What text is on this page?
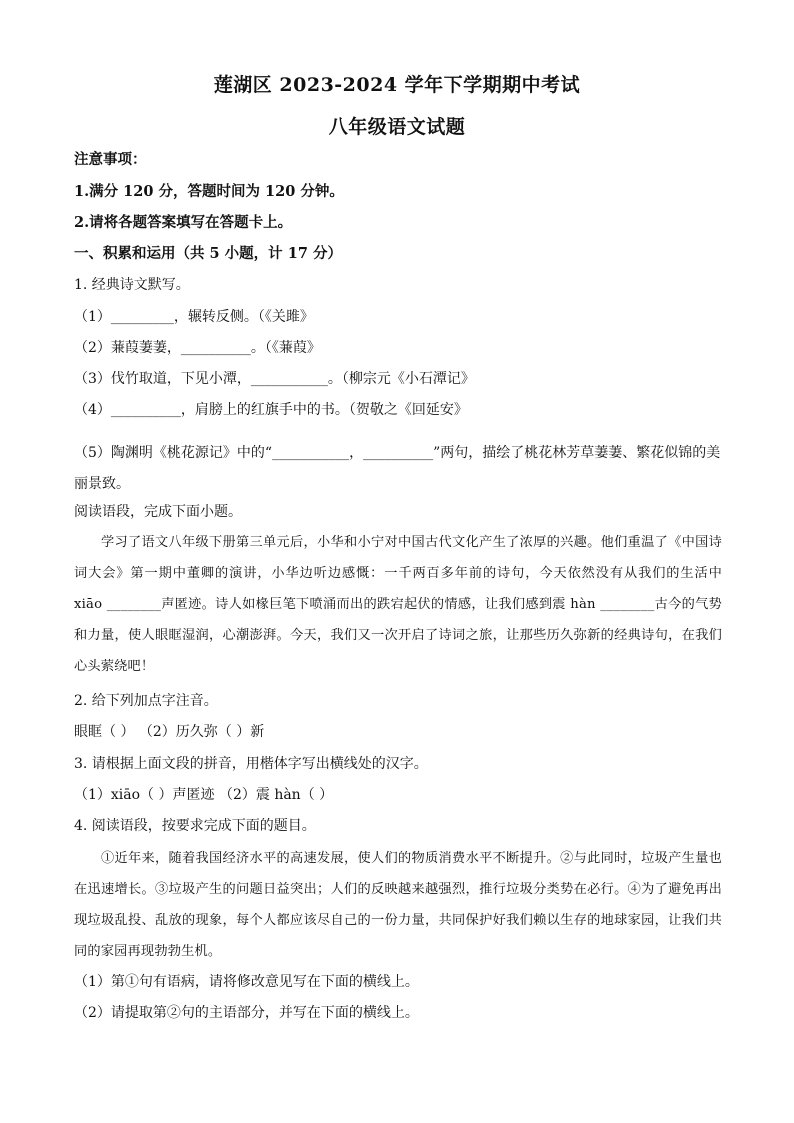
莲湖区 2023-2024 学年下学期期中考试
八年级语文试题
注意事项：
1.满分 120 分，答题时间为 120 分钟。
2.请将各题答案填写在答题卡上。
一、积累和运用（共 5 小题，计 17 分）
1. 经典诗文默写。
（1）_________，辗转反侧。（《关雎》
（2）蒹葭萋萋，__________。（《蒹葭》
（3）伐竹取道，下见小潭，___________。（柳宗元《小石潭记》
（4）__________，肩膀上的红旗手中的书。（贺敬之《回延安》
（5）陶渊明《桃花源记》中的“___________，__________”两句，描绘了桃花林芳草萋萋、繁花似锦的美丽景致。
阅读语段，完成下面小题。
学习了语文八年级下册第三单元后，小华和小宁对中国古代文化产生了浓厚的兴趣。他们重温了《中国诗词大会》第一期中董卿的演讲，小华边听边感慨：一千两百多年前的诗句，今天依然没有从我们的生活中 xiāo ________声匿迹。诗人如椽巨笔下喷涌而出的跌宕起伏的情感，让我们感到震 hàn ________古今的气势和力量，使人眼眶湿润，心潮澎湃。今天，我们又一次开启了诗词之旅，让那些历久弥新的经典诗句，在我们心头萦绕吧！
2. 给下列加点字注音。
眼眶（ ） （2）历久弥（ ）新
3. 请根据上面文段的拼音，用楷体字写出横线处的汉字。
（1）xiāo（ ）声匿迹 （2）震 hàn（ ）
4. 阅读语段，按要求完成下面的题目。
①近年来，随着我国经济水平的高速发展，使人们的物质消费水平不断提升。②与此同时，垃圾产生量也在迅速增长。③垃圾产生的问题日益突出；人们的反映越来越强烈，推行垃圾分类势在必行。④为了避免再出现垃圾乱投、乱放的现象，每个人都应该尽自己的一份力量，共同保护好我们赖以生存的地球家园，让我们共同的家园再现勃勃生机。
（1）第①句有语病，请将修改意见写在下面的横线上。
（2）请提取第②句的主语部分，并写在下面的横线上。
